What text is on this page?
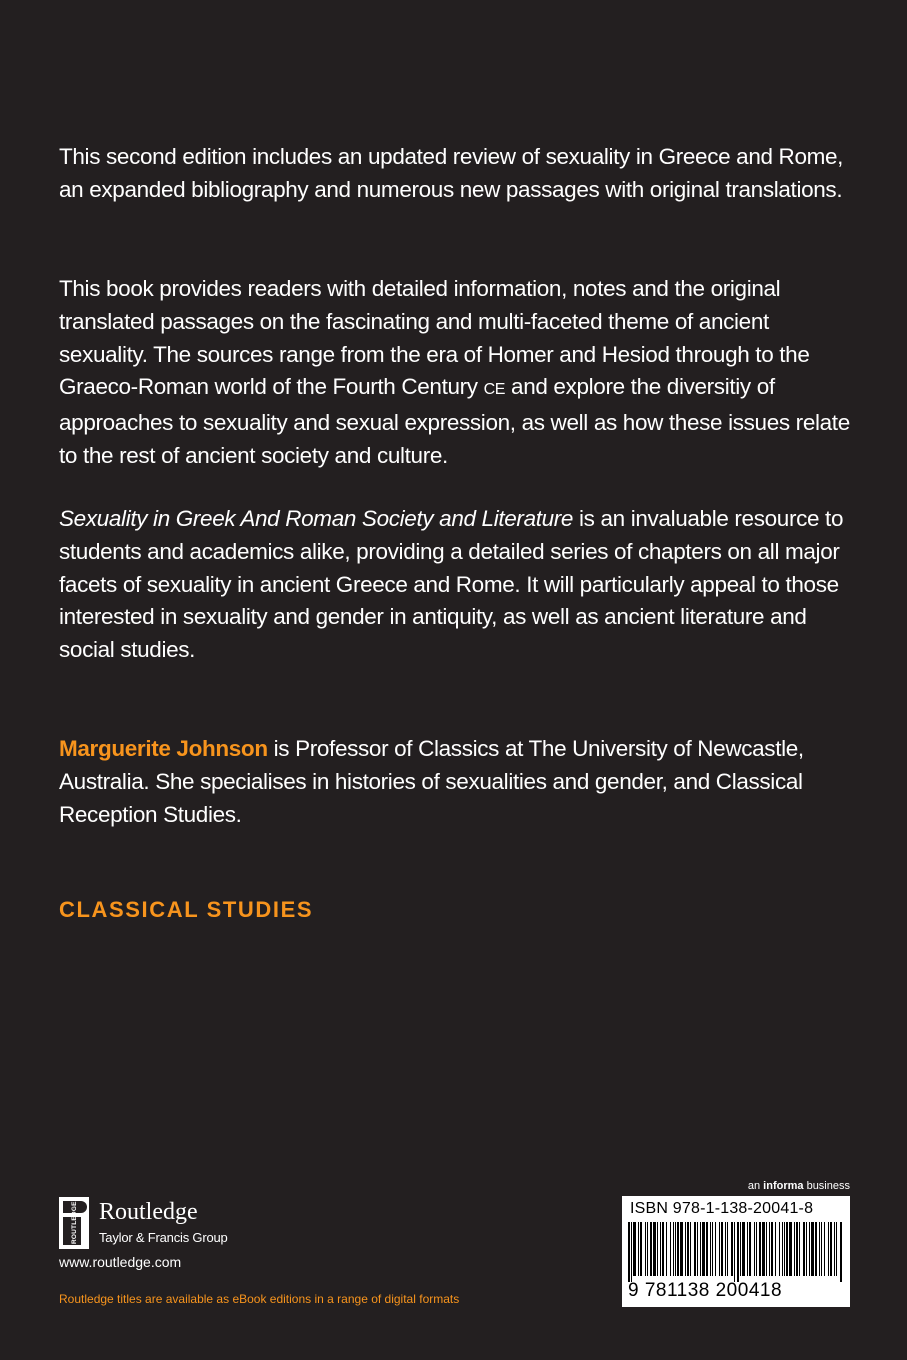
This second edition includes an updated review of sexuality in Greece and Rome, an expanded bibliography and numerous new passages with original translations.

This book provides readers with detailed information, notes and the original translated passages on the fascinating and multi-faceted theme of ancient sexuality. The sources range from the era of Homer and Hesiod through to the Graeco-Roman world of the Fourth Century CE and explore the diversitiy of approaches to sexuality and sexual expression, as well as how these issues relate to the rest of ancient society and culture.

Sexuality in Greek And Roman Society and Literature is an invaluable resource to students and academics alike, providing a detailed series of chapters on all major facets of sexuality in ancient Greece and Rome. It will particularly appeal to those interested in sexuality and gender in antiquity, as well as ancient literature and social studies.

Marguerite Johnson is Professor of Classics at The University of Newcastle, Australia. She specialises in histories of sexualities and gender, and Classical Reception Studies.

CLASSICAL STUDIES

ROUTLEDGE Routledge
Taylor & Francis Group
www.routledge.com
Routledge titles are available as eBook editions in a range of digital formats

an informa business

ISBN 978-1-138-20041-8
9 781138 200418
